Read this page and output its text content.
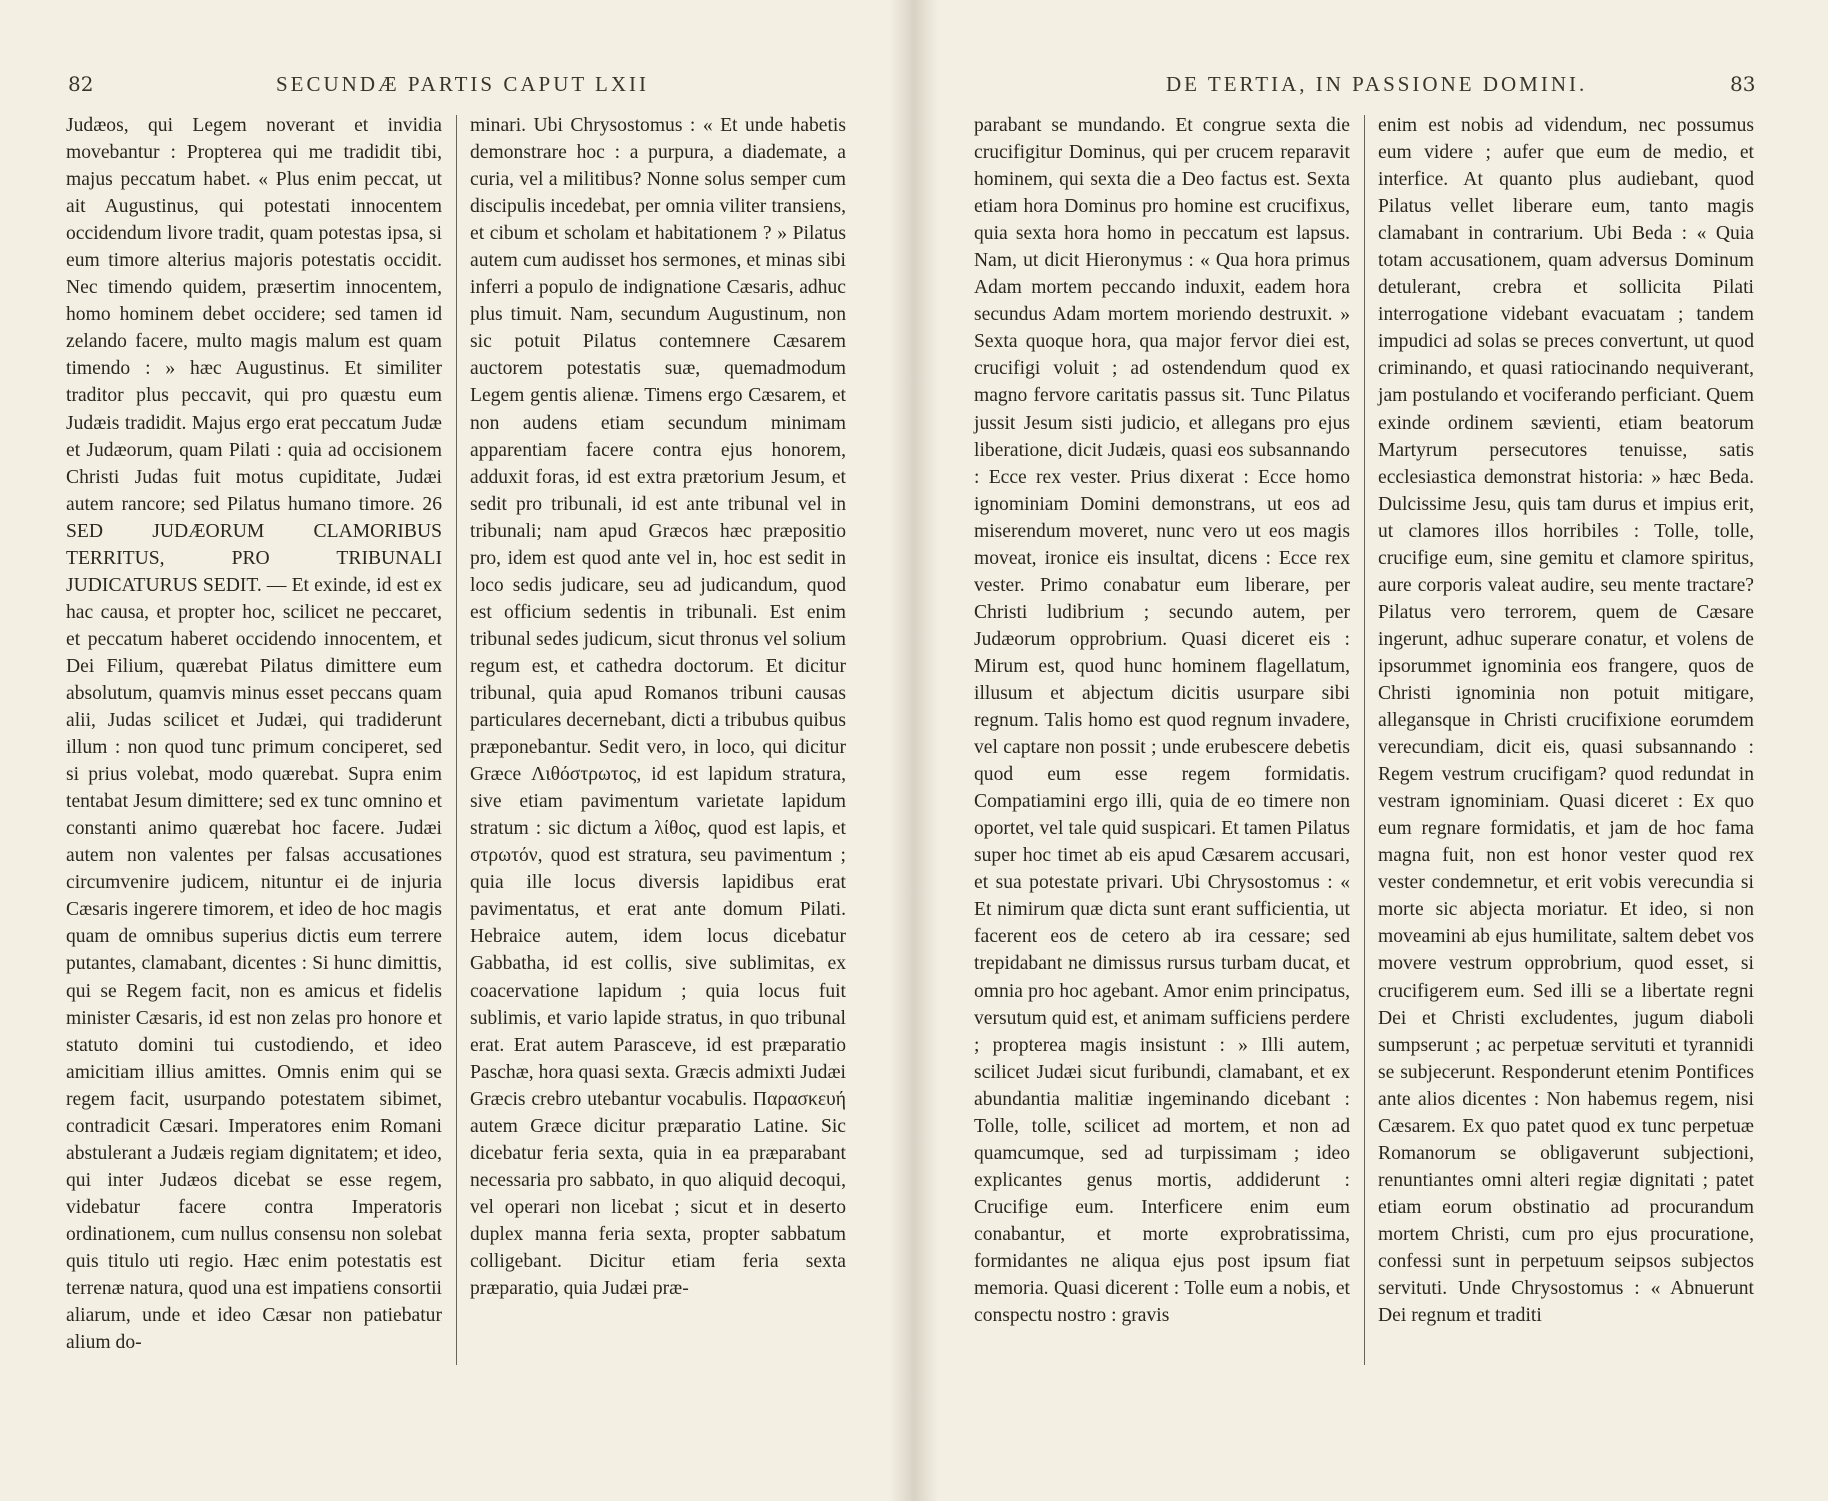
82	SECUNDÆ PARTIS CAPUT LXII

Judæos, qui Legem noverant et invidia movebantur : Propterea qui me tradidit tibi, majus peccatum habet. « Plus enim peccat, ut ait Augustinus, qui potestati innocentem occidendum livore tradit, quam potestas ipsa, si eum timore alterius majoris potestatis occidit. Nec timendo quidem, præsertim innocentem, homo hominem debet occidere; sed tamen id zelando facere, multo magis malum est quam timendo : » hæc Augustinus. Et similiter traditor plus peccavit, qui pro quæstu eum Judæis tradidit. Majus ergo erat peccatum Judæ et Judæorum, quam Pilati : quia ad occisionem Christi Judas fuit motus cupiditate, Judæi autem rancore; sed Pilatus humano timore. 26 SED JUDÆORUM CLAMORIBUS TERRITUS, PRO TRIBUNALI JUDICATURUS SEDIT. — Et exinde, id est ex hac causa, et propter hoc, scilicet ne peccaret, et peccatum haberet occidendo innocentem, et Dei Filium, quærebat Pilatus dimittere eum absolutum, quamvis minus esset peccans quam alii, Judas scilicet et Judæi, qui tradiderunt illum : non quod tunc primum conciperet, sed si prius volebat, modo quærebat. Supra enim tentabat Jesum dimittere; sed ex tunc omnino et constanti animo quærebat hoc facere. Judæi autem non valentes per falsas accusationes circumvenire judicem, nituntur ei de injuria Cæsaris ingerere timorem, et ideo de hoc magis quam de omnibus superius dictis eum terrere putantes, clamabant, dicentes : Si hunc dimittis, qui se Regem facit, non es amicus et fidelis minister Cæsaris, id est non zelas pro honore et statuto domini tui custodiendo, et ideo amicitiam illius amittes. Omnis enim qui se regem facit, usurpando potestatem sibimet, contradicit Cæsari. Imperatores enim Romani abstulerant a Judæis regiam dignitatem; et ideo, qui inter Judæos dicebat se esse regem, videbatur facere contra Imperatoris ordinationem, cum nullus consensu non solebat quis titulo uti regio. Hæc enim potestatis est terrenæ natura, quod una est impatiens consortii aliarum, unde et ideo Cæsar non patiebatur alium do-

minari. Ubi Chrysostomus : « Et unde habetis demonstrare hoc : a purpura, a diademate, a curia, vel a militibus? Nonne solus semper cum discipulis incedebat, per omnia viliter transiens, et cibum et scholam et habitationem ? » Pilatus autem cum audisset hos sermones, et minas sibi inferri a populo de indignatione Cæsaris, adhuc plus timuit. Nam, secundum Augustinum, non sic potuit Pilatus contemnere Cæsarem auctorem potestatis suæ, quemadmodum Legem gentis alienæ. Timens ergo Cæsarem, et non audens etiam secundum minimam apparentiam facere contra ejus honorem, adduxit foras, id est extra prætorium Jesum, et sedit pro tribunali, id est ante tribunal vel in tribunali; nam apud Græcos hæc præpositio pro, idem est quod ante vel in, hoc est sedit in loco sedis judicare, seu ad judicandum, quod est officium sedentis in tribunali. Est enim tribunal sedes judicum, sicut thronus vel solium regum est, et cathedra doctorum. Et dicitur tribunal, quia apud Romanos tribuni causas particulares decernebant, dicti a tribubus quibus præponebantur. Sedit vero, in loco, qui dicitur Græce Λιθόστρωτος, id est lapidum stratura, sive etiam pavimentum varietate lapidum stratum : sic dictum a λίθος, quod est lapis, et στρωτόν, quod est stratura, seu pavimentum ; quia ille locus diversis lapidibus erat pavimentatus, et erat ante domum Pilati. Hebraice autem, idem locus dicebatur Gabbatha, id est collis, sive sublimitas, ex coacervatione lapidum ; quia locus fuit sublimis, et vario lapide stratus, in quo tribunal erat. Erat autem Parasceve, id est præparatio Paschæ, hora quasi sexta. Græcis admixti Judæi Græcis crebro utebantur vocabulis. Παρασκευή autem Græce dicitur præparatio Latine. Sic dicebatur feria sexta, quia in ea præparabant necessaria pro sabbato, in quo aliquid decoqui, vel operari non licebat ; sicut et in deserto duplex manna feria sexta, propter sabbatum colligebant. Dicitur etiam feria sexta præparatio, quia Judæi præ-

DE TERTIA, IN PASSIONE DOMINI.	83

parabant se mundando. Et congrue sexta die crucifigitur Dominus, qui per crucem reparavit hominem, qui sexta die a Deo factus est. Sexta etiam hora Dominus pro homine est crucifixus, quia sexta hora homo in peccatum est lapsus. Nam, ut dicit Hieronymus : « Qua hora primus Adam mortem peccando induxit, eadem hora secundus Adam mortem moriendo destruxit. » Sexta quoque hora, qua major fervor diei est, crucifigi voluit ; ad ostendendum quod ex magno fervore caritatis passus sit. Tunc Pilatus jussit Jesum sisti judicio, et allegans pro ejus liberatione, dicit Judæis, quasi eos subsannando : Ecce rex vester. Prius dixerat : Ecce homo ignominiam Domini demonstrans, ut eos ad miserendum moveret, nunc vero ut eos magis moveat, ironice eis insultat, dicens : Ecce rex vester. Primo conabatur eum liberare, per Christi ludibrium ; secundo autem, per Judæorum opprobrium. Quasi diceret eis : Mirum est, quod hunc hominem flagellatum, illusum et abjectum dicitis usurpare sibi regnum. Talis homo est quod regnum invadere, vel captare non possit ; unde erubescere debetis quod eum esse regem formidatis. Compatiamini ergo illi, quia de eo timere non oportet, vel tale quid suspicari. Et tamen Pilatus super hoc timet ab eis apud Cæsarem accusari, et sua potestate privari. Ubi Chrysostomus : « Et nimirum quæ dicta sunt erant sufficientia, ut facerent eos de cetero ab ira cessare; sed trepidabant ne dimissus rursus turbam ducat, et omnia pro hoc agebant. Amor enim principatus, versutum quid est, et animam sufficiens perdere ; propterea magis insistunt : » Illi autem, scilicet Judæi sicut furibundi, clamabant, et ex abundantia malitiæ ingeminando dicebant : Tolle, tolle, scilicet ad mortem, et non ad quamcumque, sed ad turpissimam ; ideo explicantes genus mortis, addiderunt : Crucifige eum. Interficere enim eum conabantur, et morte exprobratissima, formidantes ne aliqua ejus post ipsum fiat memoria. Quasi dicerent : Tolle eum a nobis, et conspectu nostro : gravis

enim est nobis ad videndum, nec possumus eum videre ; aufer que eum de medio, et interfice. At quanto plus audiebant, quod Pilatus vellet liberare eum, tanto magis clamabant in contrarium. Ubi Beda : « Quia totam accusationem, quam adversus Dominum detulerant, crebra et sollicita Pilati interrogatione videbant evacuatam ; tandem impudici ad solas se preces convertunt, ut quod criminando, et quasi ratiocinando nequiverant, jam postulando et vociferando perficiant. Quem exinde ordinem sævienti, etiam beatorum Martyrum persecutores tenuisse, satis ecclesiastica demonstrat historia: » hæc Beda. Dulcissime Jesu, quis tam durus et impius erit, ut clamores illos horribiles : Tolle, tolle, crucifige eum, sine gemitu et clamore spiritus, aure corporis valeat audire, seu mente tractare? Pilatus vero terrorem, quem de Cæsare ingerunt, adhuc superare conatur, et volens de ipsorummet ignominia eos frangere, quos de Christi ignominia non potuit mitigare, allegansque in Christi crucifixione eorumdem verecundiam, dicit eis, quasi subsannando : Regem vestrum crucifigam? quod redundat in vestram ignominiam. Quasi diceret : Ex quo eum regnare formidatis, et jam de hoc fama magna fuit, non est honor vester quod rex vester condemnetur, et erit vobis verecundia si morte sic abjecta moriatur. Et ideo, si non moveamini ab ejus humilitate, saltem debet vos movere vestrum opprobrium, quod esset, si crucifigerem eum. Sed illi se a libertate regni Dei et Christi excludentes, jugum diaboli sumpserunt ; ac perpetuæ servituti et tyrannidi se subjecerunt. Responderunt etenim Pontifices ante alios dicentes : Non habemus regem, nisi Cæsarem. Ex quo patet quod ex tunc perpetuæ Romanorum se obligaverunt subjectioni, renuntiantes omni alteri regiæ dignitati ; patet etiam eorum obstinatio ad procurandum mortem Christi, cum pro ejus procuratione, confessi sunt in perpetuum seipsos subjectos servituti. Unde Chrysostomus : « Abnuerunt Dei regnum et traditi
